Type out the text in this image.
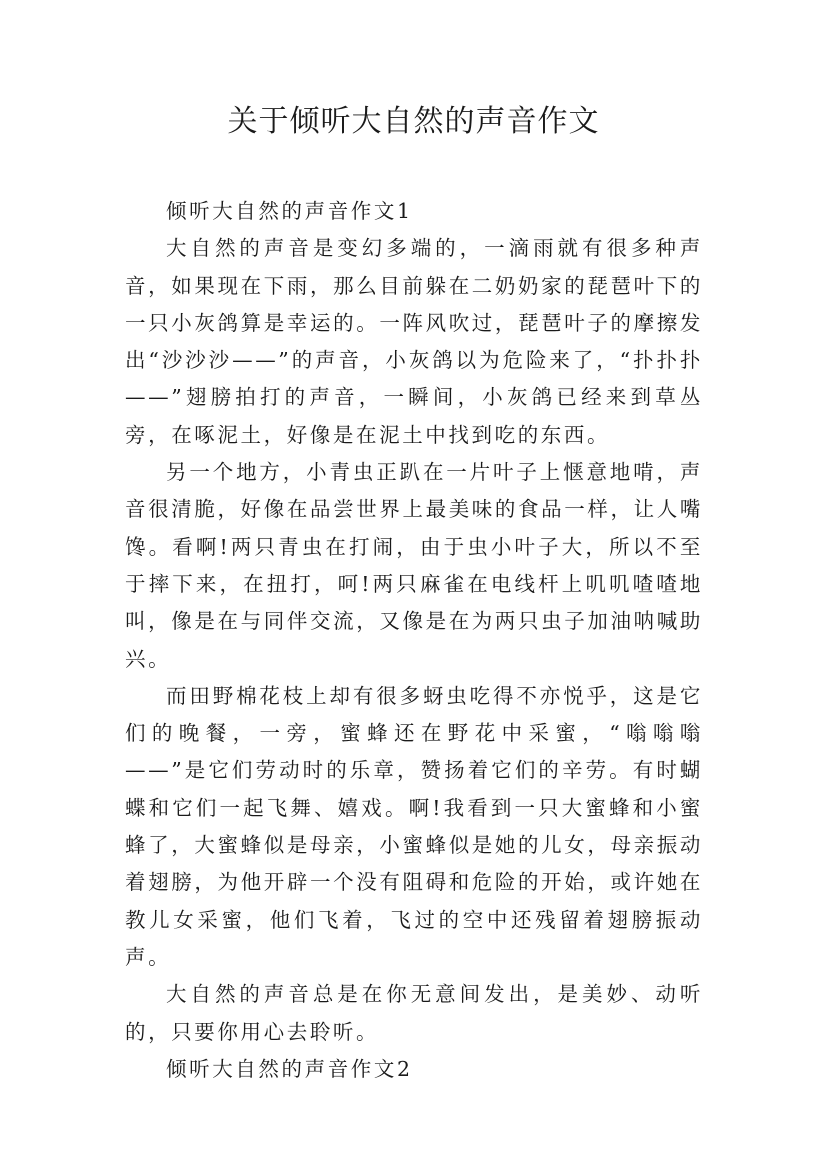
关于倾听大自然的声音作文

倾听大自然的声音作文1

大自然的声音是变幻多端的，一滴雨就有很多种声音，如果现在下雨，那么目前躲在二奶奶家的琵琶叶下的一只小灰鸽算是幸运的。一阵风吹过，琵琶叶子的摩擦发出“沙沙沙——”的声音，小灰鸽以为危险来了，“扑扑扑——”翅膀拍打的声音，一瞬间，小灰鸽已经来到草丛旁，在啄泥土，好像是在泥土中找到吃的东西。

另一个地方，小青虫正趴在一片叶子上惬意地啃，声音很清脆，好像在品尝世界上最美味的食品一样，让人嘴馋。看啊!两只青虫在打闹，由于虫小叶子大，所以不至于摔下来，在扭打，呵!两只麻雀在电线杆上叽叽喳喳地叫，像是在与同伴交流，又像是在为两只虫子加油呐喊助兴。

而田野棉花枝上却有很多蚜虫吃得不亦悦乎，这是它们的晚餐，一旁，蜜蜂还在野花中采蜜，“嗡嗡嗡——”是它们劳动时的乐章，赞扬着它们的辛劳。有时蝴蝶和它们一起飞舞、嬉戏。啊!我看到一只大蜜蜂和小蜜蜂了，大蜜蜂似是母亲，小蜜蜂似是她的儿女，母亲振动着翅膀，为他开辟一个没有阻碍和危险的开始，或许她在教儿女采蜜，他们飞着，飞过的空中还残留着翅膀振动声。

大自然的声音总是在你无意间发出，是美妙、动听的，只要你用心去聆听。

倾听大自然的声音作文2
